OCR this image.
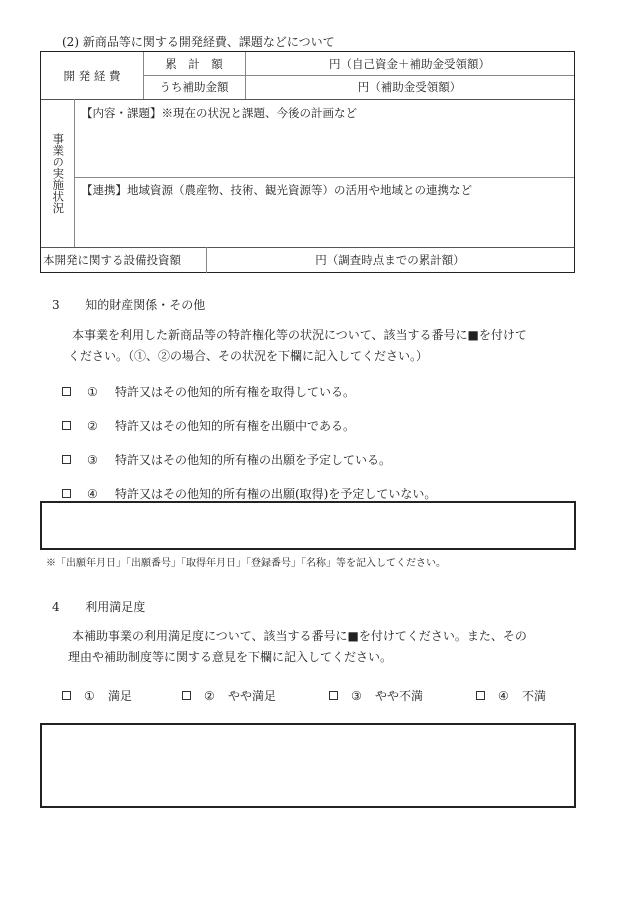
(2) 新商品等に関する開発経費、課題などについて
開 発 経 費
累　計　額	円（自己資金＋補助金受領額）
うち補助金額	円（補助金受領額）
事業の実施状況
【内容・課題】※現在の状況と課題、今後の計画など
【連携】地域資源（農産物、技術、観光資源等）の活用や地域との連携など
本開発に関する設備投資額	円（調査時点までの累計額）
3 知的財産関係・その他
本事業を利用した新商品等の特許権化等の状況について、該当する番号に■を付けて
ください。（①、②の場合、その状況を下欄に記入してください。）
①	特許又はその他知的所有権を取得している。
②	特許又はその他知的所有権を出願中である。
③	特許又はその他知的所有権の出願を予定している。
④	特許又はその他知的所有権の出願(取得)を予定していない。
※「出願年月日」「出願番号」「取得年月日」「登録番号」「名称」等を記入してください。
4 利用満足度
本補助事業の利用満足度について、該当する番号に■を付けてください。また、その
理由や補助制度等に関する意見を下欄に記入してください。
①	満足	②	やや満足	③	やや不満	④	不満
